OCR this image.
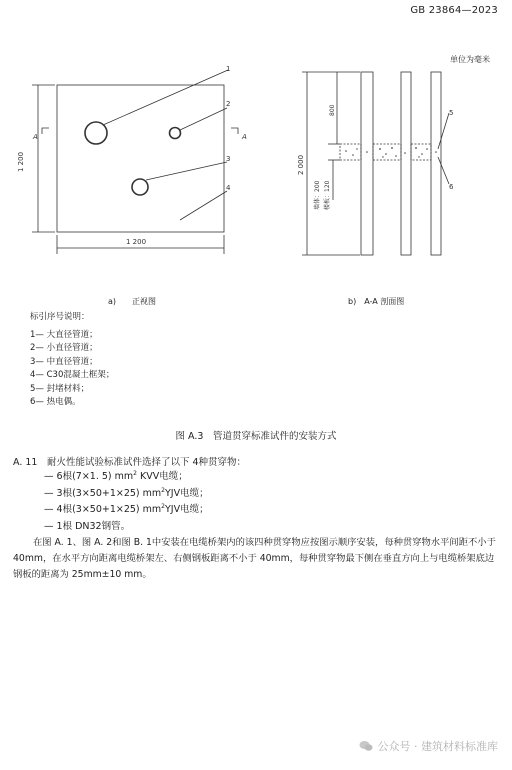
GB 23864—2023
单位为毫米
1
2
3
4
A	A
1 200
1 200	2 000
800
墙体：200 楼板：120
5
6
a)　　 正视图	b)　 A-A 剖面图
标引序号说明：
1— 大直径管道；
2— 小直径管道；
3— 中直径管道；
4— C30混凝土框架；
5— 封堵材料；
6— 热电偶。
图 A.3　管道贯穿标准试件的安装方式
A. 11　耐火性能试验标准试件选择了以下 4种贯穿物：
— 6根(7×1. 5) $mm^2$ KVV电缆；
— 3根(3×50+1×25) $mm^2YJV$电缆；
— 4根(3×50+1×25) $mm^2YJV$电缆；
— 1根 DN32钢管。
在图 A. 1、图 A. 2和图 B. 1中安装在电缆桥架内的该四种贯穿物应按图示顺序安装，每种贯穿物水平间距不小于 40mm，在水平方向距离电缆桥架左、右侧钢板距离不小于 40mm，每种贯穿物最下侧在垂直方向上与电缆桥架底边钢板的距离为 25mm±10 mm。
公众号 · 建筑材料标准库
